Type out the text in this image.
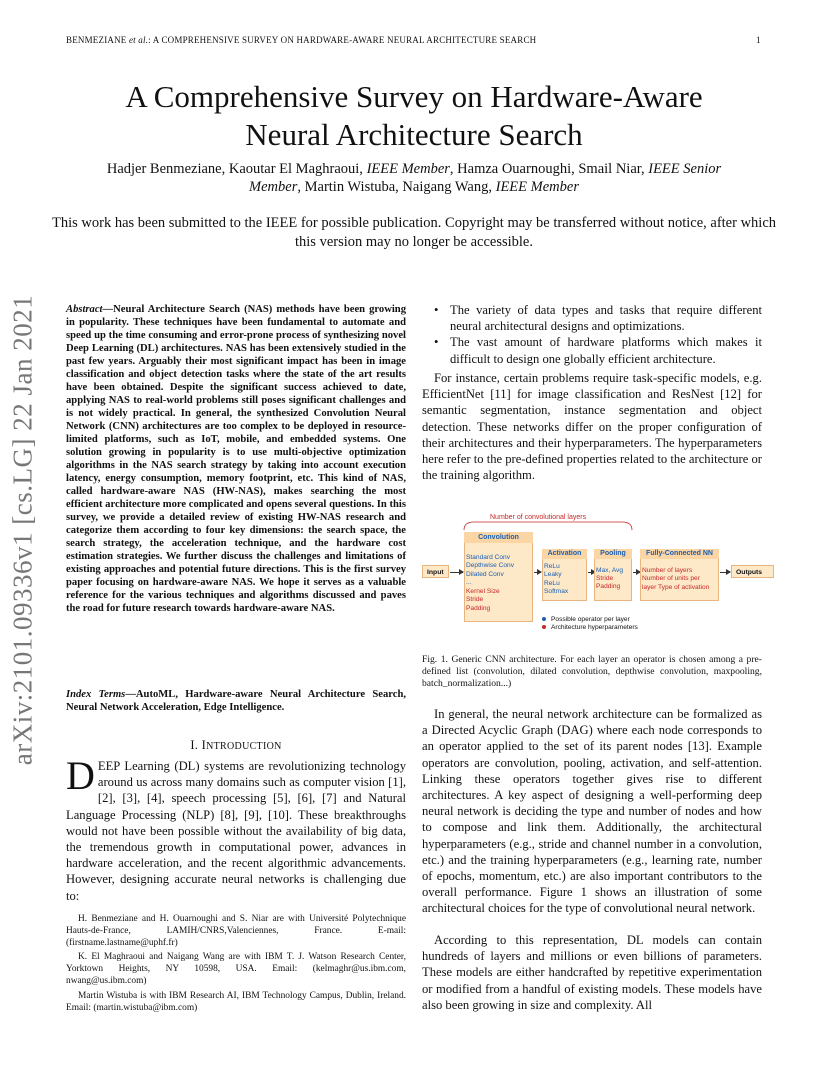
BENMEZIANE et al.: A COMPREHENSIVE SURVEY ON HARDWARE-AWARE NEURAL ARCHITECTURE SEARCH	1
A Comprehensive Survey on Hardware-Aware
Neural Architecture Search
Hadjer Benmeziane, Kaoutar El Maghraoui, IEEE Member, Hamza Ouarnoughi, Smail Niar, IEEE Senior Member, Martin Wistuba, Naigang Wang, IEEE Member
This work has been submitted to the IEEE for possible publication. Copyright may be transferred without notice, after which this version may no longer be accessible.
arXiv:2101.09336v1 [cs.LG] 22 Jan 2021	Abstract—Neural Architecture Search (NAS) methods have been growing in popularity. These techniques have been fundamental to automate and speed up the time consuming and error-prone process of synthesizing novel Deep Learning (DL) architectures. NAS has been extensively studied in the past few years. Arguably their most significant impact has been in image classification and object detection tasks where the state of the art results have been obtained. Despite the significant success achieved to date, applying NAS to real-world problems still poses significant challenges and is not widely practical. In general, the synthesized Convolution Neural Network (CNN) architectures are too complex to be deployed in resource-limited platforms, such as IoT, mobile, and embedded systems. One solution growing in popularity is to use multi-objective optimization algorithms in the NAS search strategy by taking into account execution latency, energy consumption, memory footprint, etc. This kind of NAS, called hardware-aware NAS (HW-NAS), makes searching the most efficient architecture more complicated and opens several questions. In this survey, we provide a detailed review of existing HW-NAS research and categorize them according to four key dimensions: the search space, the search strategy, the acceleration technique, and the hardware cost estimation strategies. We further discuss the challenges and limitations of existing approaches and potential future directions. This is the first survey paper focusing on hardware-aware NAS. We hope it serves as a valuable reference for the various techniques and algorithms discussed and paves the road for future research towards hardware-aware NAS.
Index Terms—AutoML, Hardware-aware Neural Architecture Search, Neural Network Acceleration, Edge Intelligence.
I. INTRODUCTION
DEEP Learning (DL) systems are revolutionizing technology around us across many domains such as computer vision [1], [2], [3], [4], speech processing [5], [6], [7] and Natural Language Processing (NLP) [8], [9], [10]. These breakthroughs would not have been possible without the availability of big data, the tremendous growth in computational power, advances in hardware acceleration, and the recent algorithmic advancements. However, designing accurate neural networks is challenging due to:

H. Benmeziane and H. Ouarnoughi and S. Niar are with Université Polytechnique Hauts-de-France, LAMIH/CNRS,Valenciennes, France. E-mail: (firstname.lastname@uphf.fr)

K. El Maghraoui and Naigang Wang are with IBM T. J. Watson Research Center, Yorktown Heights, NY 10598, USA. Email: (kelmaghr@us.ibm.com, nwang@us.ibm.com)

Martin Wistuba is with IBM Research AI, IBM Technology Campus, Dublin, Ireland. Email: (martin.wistuba@ibm.com)

• The variety of data types and tasks that require different neural architectural designs and optimizations.
• The vast amount of hardware platforms which makes it difficult to design one globally efficient architecture.
For instance, certain problems require task-specific models, e.g. EfficientNet [11] for image classification and ResNest [12] for semantic segmentation, instance segmentation and object detection. These networks differ on the proper configuration of their architectures and their hyperparameters. The hyperparameters here refer to the pre-defined properties related to the architecture or the training algorithm.
Number of convolutional layers
Input
Convolution
Standard Conv
Depthwise Conv
Dilated Conv
...
Kernel Size
Stride
Padding
Activation
ReLu
Leaky
ReLu
Softmax
Pooling
Max, Avg
Stride
Padding
Fully-Connected NN
Number of layers
Number of units per
layer Type of activation
Outputs
Possible operator per layer
Architecture hyperparameters
Fig. 1. Generic CNN architecture. For each layer an operator is chosen among a pre-defined list (convolution, dilated convolution, depthwise convolution, maxpooling, batch_normalization...)
In general, the neural network architecture can be formalized as a Directed Acyclic Graph (DAG) where each node corresponds to an operator applied to the set of its parent nodes [13]. Example operators are convolution, pooling, activation, and self-attention. Linking these operators together gives rise to different architectures. A key aspect of designing a well-performing deep neural network is deciding the type and number of nodes and how to compose and link them. Additionally, the architectural hyperparameters (e.g., stride and channel number in a convolution, etc.) and the training hyperparameters (e.g., learning rate, number of epochs, momentum, etc.) are also important contributors to the overall performance. Figure 1 shows an illustration of some architectural choices for the type of convolutional neural network.
According to this representation, DL models can contain hundreds of layers and millions or even billions of parameters. These models are either handcrafted by repetitive experimentation or modified from a handful of existing models. These models have also been growing in size and complexity. All
